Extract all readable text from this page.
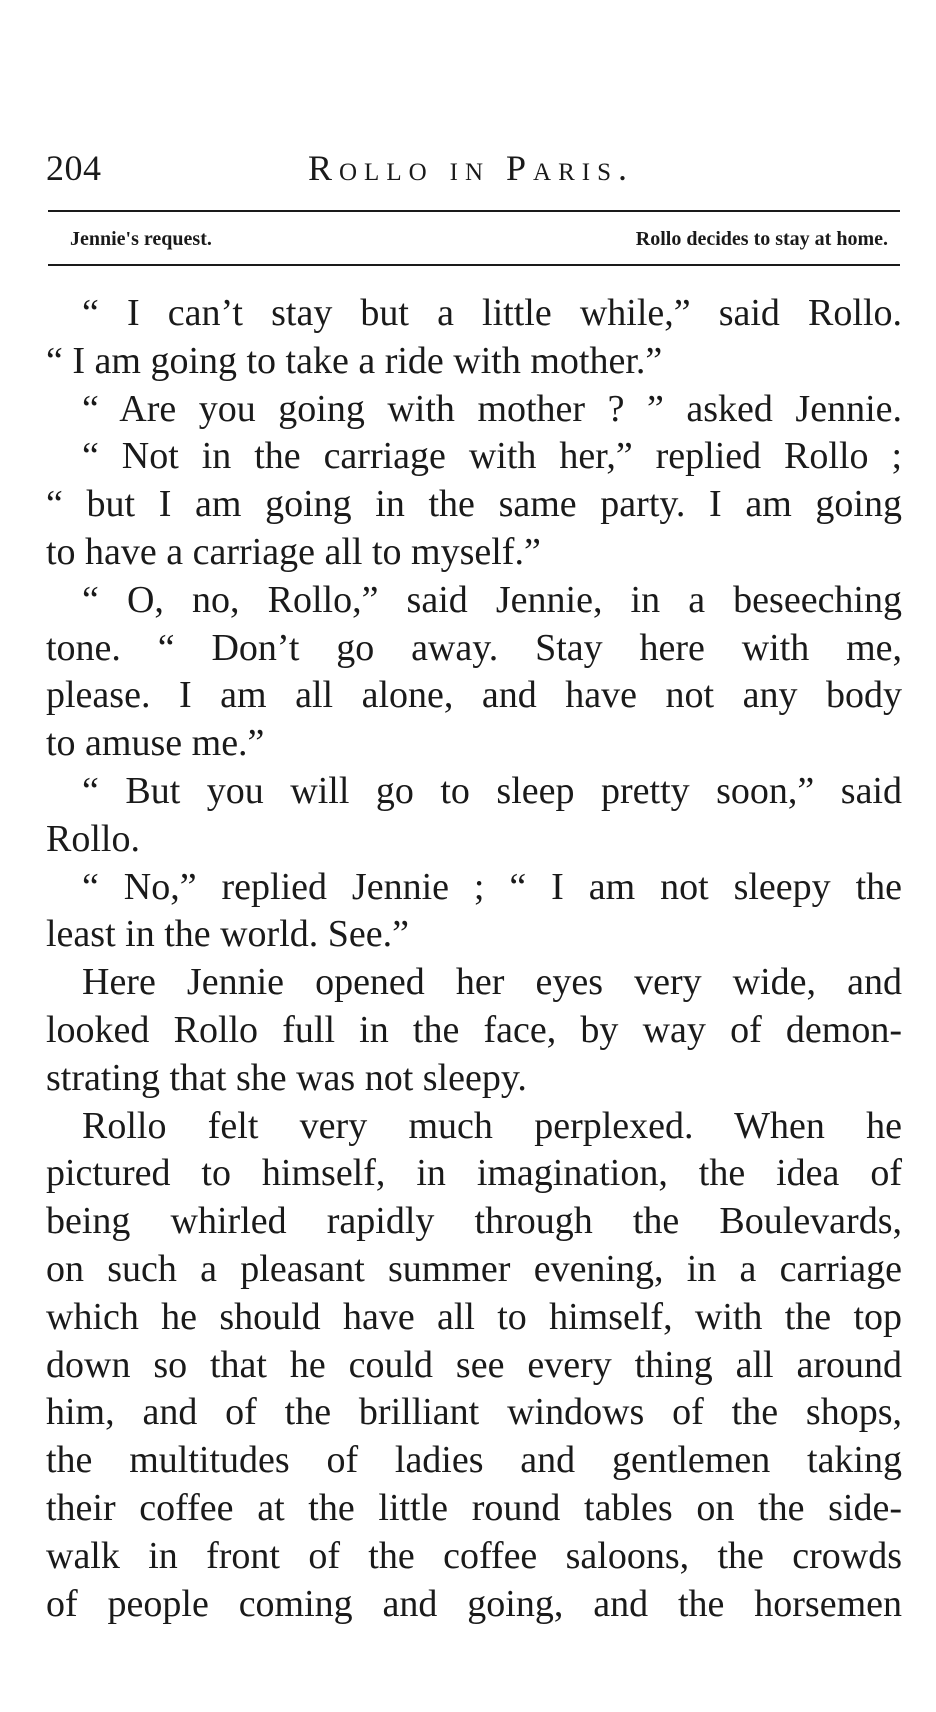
204	Rollo in Paris.
Jennie's request.	Rollo decides to stay at home.
“ I can’t stay but a little while,” said Rollo.
“ I am going to take a ride with mother.”
“ Are you going with mother ? ” asked Jennie.
“ Not in the carriage with her,” replied Rollo ;
“ but I am going in the same party. I am going
to have a carriage all to myself.”
“ O, no, Rollo,” said Jennie, in a beseeching
tone. “ Don’t go away. Stay here with me,
please. I am all alone, and have not any body
to amuse me.”
“ But you will go to sleep pretty soon,” said
Rollo.
“ No,” replied Jennie ; “ I am not sleepy the
least in the world. See.”
Here Jennie opened her eyes very wide, and
looked Rollo full in the face, by way of demon-
strating that she was not sleepy.
Rollo felt very much perplexed. When he
pictured to himself, in imagination, the idea of
being whirled rapidly through the Boulevards,
on such a pleasant summer evening, in a carriage
which he should have all to himself, with the top
down so that he could see every thing all around
him, and of the brilliant windows of the shops,
the multitudes of ladies and gentlemen taking
their coffee at the little round tables on the side-
walk in front of the coffee saloons, the crowds
of people coming and going, and the horsemen
